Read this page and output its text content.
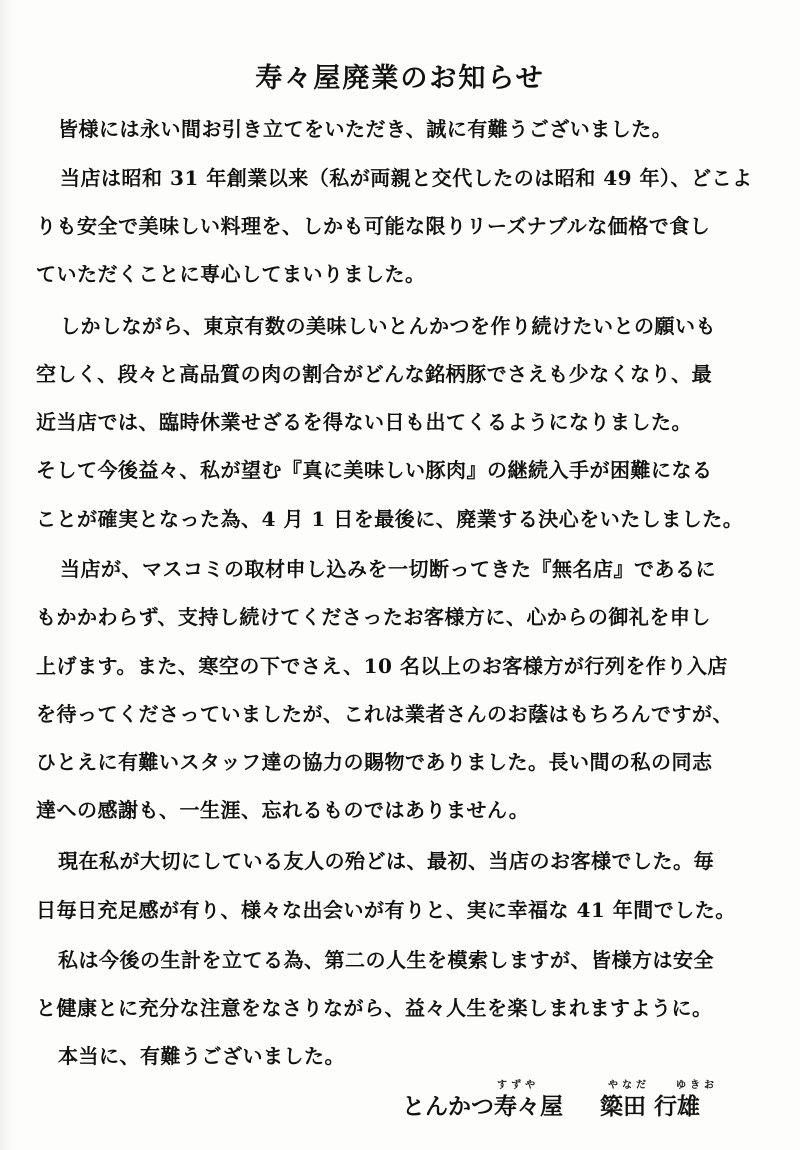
寿々屋廃業のお知らせ

皆様には永い間お引き立てをいただき、誠に有難うございました。

当店は昭和 31 年創業以来（私が両親と交代したのは昭和 49 年）、どこよ

りも安全で美味しい料理を、しかも可能な限りリーズナブルな価格で食し

ていただくことに専心してまいりました。

しかしながら、東京有数の美味しいとんかつを作り続けたいとの願いも

空しく、段々と高品質の肉の割合がどんな銘柄豚でさえも少なくなり、最

近当店では、臨時休業せざるを得ない日も出てくるようになりました。

そして今後益々、私が望む『真に美味しい豚肉』の継続入手が困難になる

ことが確実となった為、4 月 1 日を最後に、廃業する決心をいたしました。

当店が、マスコミの取材申し込みを一切断ってきた『無名店』であるに

もかかわらず、支持し続けてくださったお客様方に、心からの御礼を申し

上げます。また、寒空の下でさえ、10 名以上のお客様方が行列を作り入店

を待ってくださっていましたが、これは業者さんのお蔭はもちろんですが、

ひとえに有難いスタッフ達の協力の賜物でありました。長い間の私の同志

達への感謝も、一生涯、忘れるものではありません。

現在私が大切にしている友人の殆どは、最初、当店のお客様でした。毎

日毎日充足感が有り、様々な出会いが有りと、実に幸福な 41 年間でした。

私は今後の生計を立てる為、第二の人生を模索しますが、皆様方は安全

と健康とに充分な注意をなさりながら、益々人生を楽しまれますように。

本当に、有難うございました。

すずや	やなだ	ゆきお
とんかつ寿々屋 簗田 行雄
